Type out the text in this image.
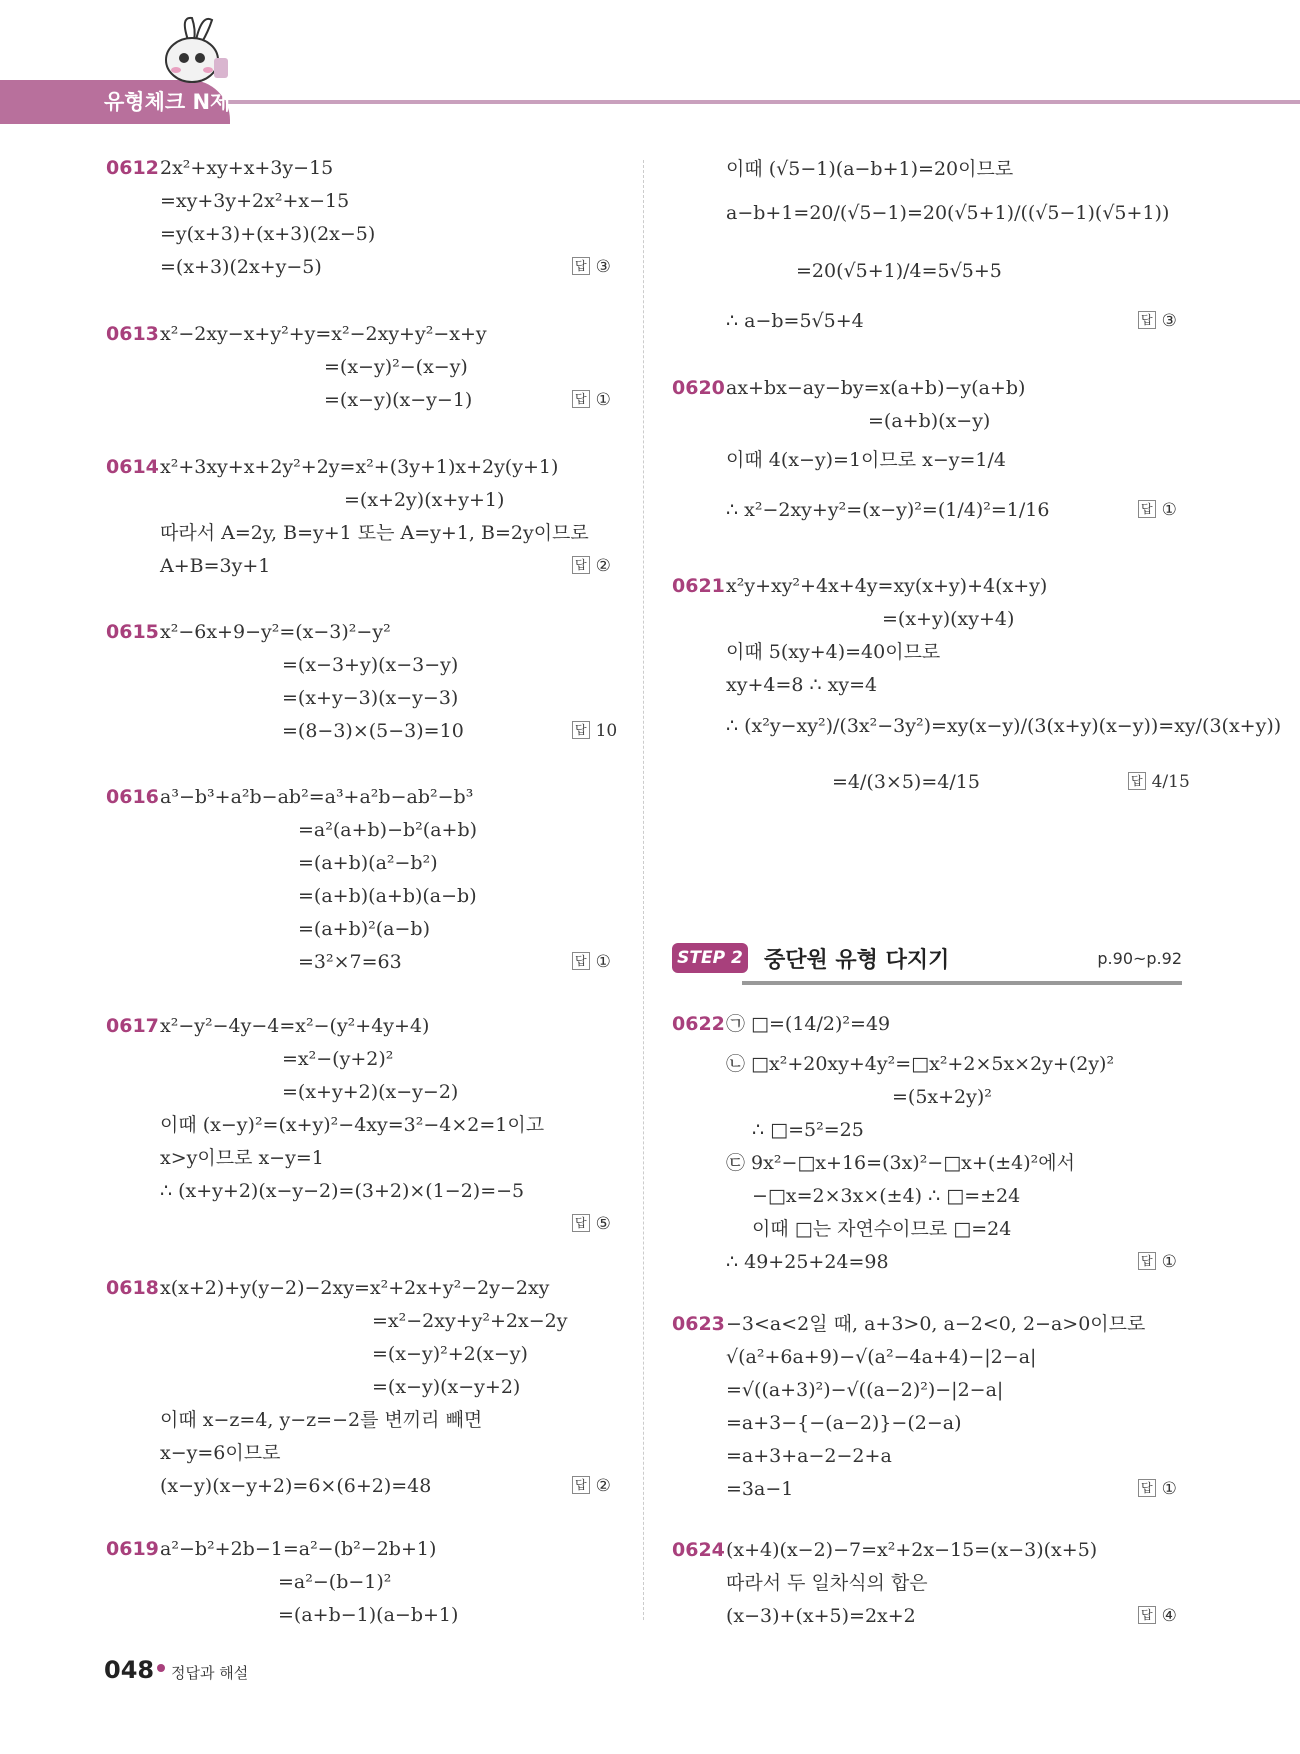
유형체크 N제
0612 2x²+xy+x+3y−15
=xy+3y+2x²+x−15
=y(x+3)+(x+3)(2x−5)
=(x+3)(2x+y−5)	답 ③
0613 x²−2xy−x+y²+y=x²−2xy+y²−x+y
=(x−y)²−(x−y)
=(x−y)(x−y−1)	답 ①
0614 x²+3xy+x+2y²+2y=x²+(3y+1)x+2y(y+1)
=(x+2y)(x+y+1)
따라서 A=2y, B=y+1 또는 A=y+1, B=2y이므로
A+B=3y+1	답 ②
0615 x²−6x+9−y²=(x−3)²−y²
=(x−3+y)(x−3−y)
=(x+y−3)(x−y−3)
=(8−3)×(5−3)=10	답 10
0616 a³−b³+a²b−ab²=a³+a²b−ab²−b³
=a²(a+b)−b²(a+b)
=(a+b)(a²−b²)
=(a+b)(a+b)(a−b)
=(a+b)²(a−b)
=3²×7=63	답 ①
0617 x²−y²−4y−4=x²−(y²+4y+4)
=x²−(y+2)²
=(x+y+2)(x−y−2)
이때 (x−y)²=(x+y)²−4xy=3²−4×2=1이고
x>y이므로 x−y=1
∴ (x+y+2)(x−y−2)=(3+2)×(1−2)=−5
답 ⑤
0618 x(x+2)+y(y−2)−2xy=x²+2x+y²−2y−2xy
=x²−2xy+y²+2x−2y
=(x−y)²+2(x−y)
=(x−y)(x−y+2)
이때 x−z=4, y−z=−2를 변끼리 빼면
x−y=6이므로
(x−y)(x−y+2)=6×(6+2)=48	답 ②
0619 a²−b²+2b−1=a²−(b²−2b+1)
=a²−(b−1)²
=(a+b−1)(a−b+1)
이때 (√5−1)(a−b+1)=20이므로
a−b+1=20/(√5−1)=20(√5+1)/((√5−1)(√5+1))
=20(√5+1)/4=5√5+5
∴ a−b=5√5+4	답 ③
0620 ax+bx−ay−by=x(a+b)−y(a+b)
=(a+b)(x−y)
이때 4(x−y)=1이므로 x−y=1/4
∴ x²−2xy+y²=(x−y)²=(1/4)²=1/16	답 ①
0621 x²y+xy²+4x+4y=xy(x+y)+4(x+y)
=(x+y)(xy+4)
이때 5(xy+4)=40이므로
xy+4=8 ∴ xy=4
∴ (x²y−xy²)/(3x²−3y²)=xy(x−y)/(3(x+y)(x−y))=xy/(3(x+y))
=4/(3×5)=4/15	답 4/15
STEP 2 중단원 유형 다지기	p.90~p.92
0622 ㉠ □=(14/2)²=49
㉡ □x²+20xy+4y²=□x²+2×5x×2y+(2y)²
=(5x+2y)²
∴ □=5²=25
㉢ 9x²−□x+16=(3x)²−□x+(±4)²에서
−□x=2×3x×(±4) ∴ □=±24
이때 □는 자연수이므로 □=24
∴ 49+25+24=98	답 ①
0623 −3<a<2일 때, a+3>0, a−2<0, 2−a>0이므로
√(a²+6a+9)−√(a²−4a+4)−|2−a|
=√((a+3)²)−√((a−2)²)−|2−a|
=a+3−{−(a−2)}−(2−a)
=a+3+a−2−2+a
=3a−1	답 ①
0624 (x+4)(x−2)−7=x²+2x−15=(x−3)(x+5)
따라서 두 일차식의 합은
(x−3)+(x+5)=2x+2	답 ④
048 정답과 해설
